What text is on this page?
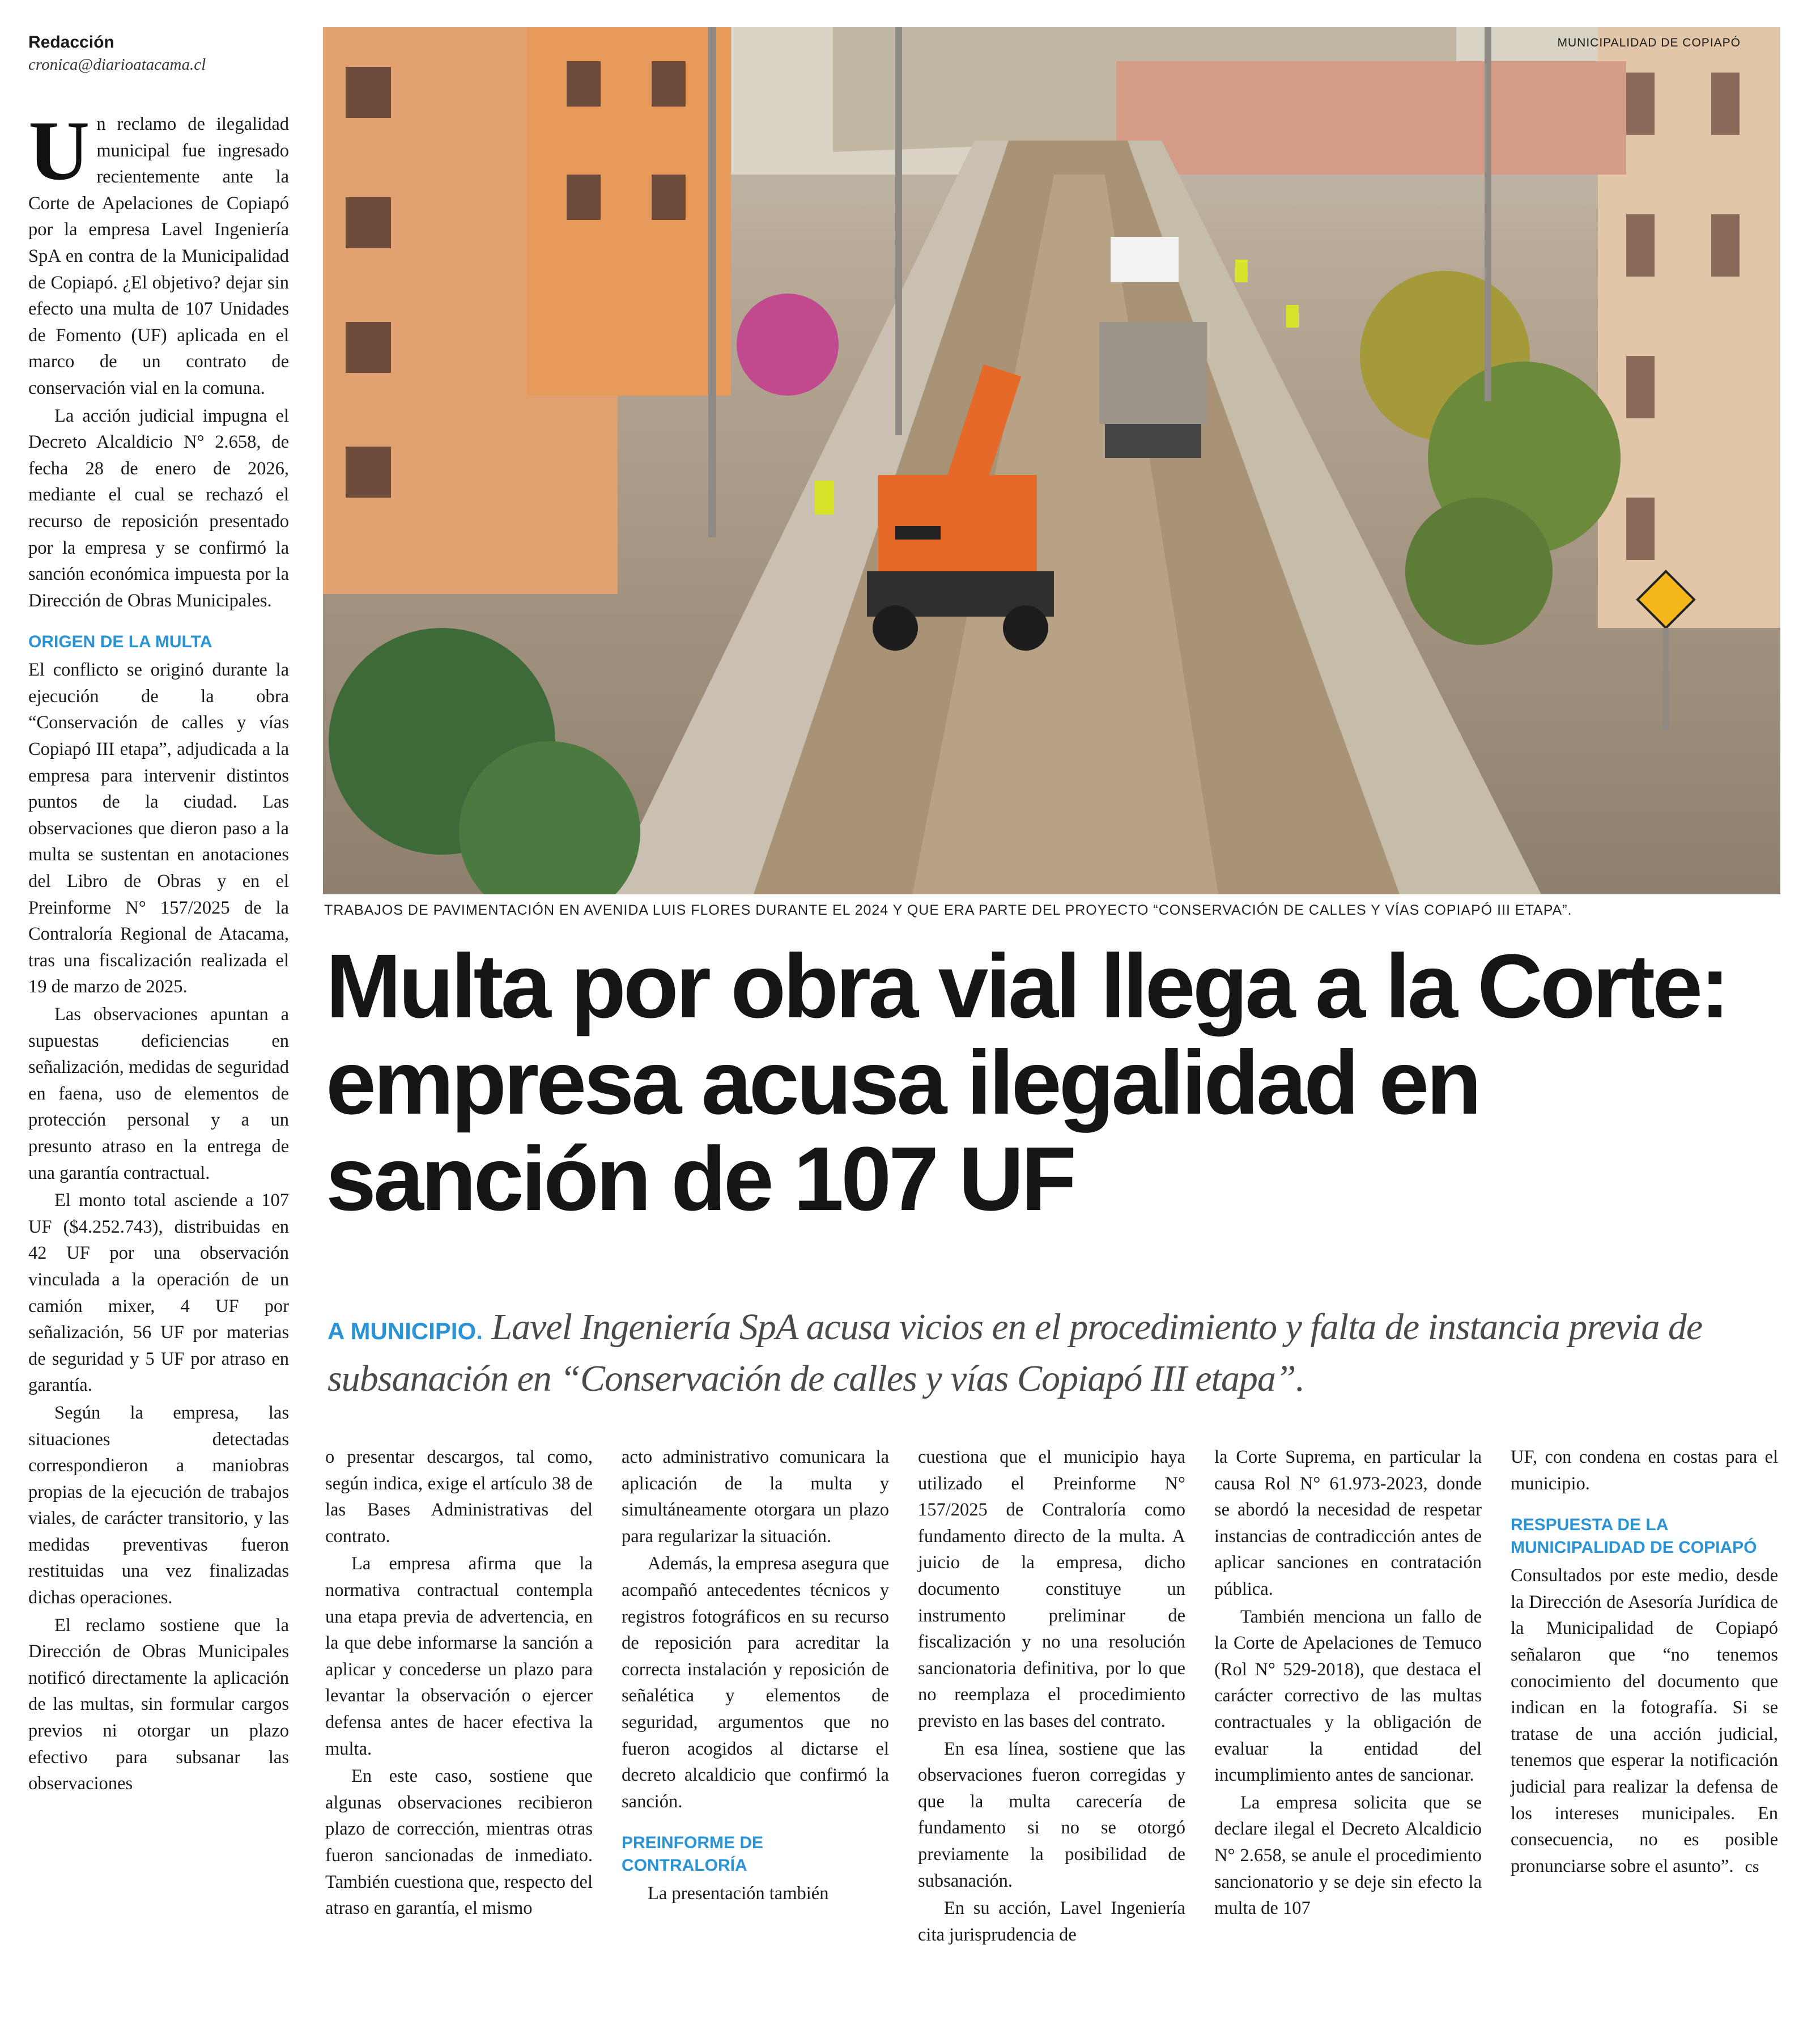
Redacción
cronica@diarioatacama.cl

Un reclamo de ilegalidad municipal fue ingresado recientemente ante la Corte de Apelaciones de Copiapó por la empresa Lavel Ingeniería SpA en contra de la Municipalidad de Copiapó. ¿El objetivo? dejar sin efecto una multa de 107 Unidades de Fomento (UF) aplicada en el marco de un contrato de conservación vial en la comuna.

La acción judicial impugna el Decreto Alcaldicio N° 2.658, de fecha 28 de enero de 2026, mediante el cual se rechazó el recurso de reposición presentado por la empresa y se confirmó la sanción económica impuesta por la Dirección de Obras Municipales.

ORIGEN DE LA MULTA

El conflicto se originó durante la ejecución de la obra “Conservación de calles y vías Copiapó III etapa”, adjudicada a la empresa para intervenir distintos puntos de la ciudad. Las observaciones que dieron paso a la multa se sustentan en anotaciones del Libro de Obras y en el Preinforme N° 157/2025 de la Contraloría Regional de Atacama, tras una fiscalización realizada el 19 de marzo de 2025.

Las observaciones apuntan a supuestas deficiencias en señalización, medidas de seguridad en faena, uso de elementos de protección personal y a un presunto atraso en la entrega de una garantía contractual.

El monto total asciende a 107 UF ($4.252.743), distribuidas en 42 UF por una observación vinculada a la operación de un camión mixer, 4 UF por señalización, 56 UF por materias de seguridad y 5 UF por atraso en garantía.

Según la empresa, las situaciones detectadas correspondieron a maniobras propias de la ejecución de trabajos viales, de carácter transitorio, y las medidas preventivas fueron restituidas una vez finalizadas dichas operaciones.

El reclamo sostiene que la Dirección de Obras Municipales notificó directamente la aplicación de las multas, sin formular cargos previos ni otorgar un plazo efectivo para subsanar las observaciones

MUNICIPALIDAD DE COPIAPÓ
TRABAJOS DE PAVIMENTACIÓN EN AVENIDA LUIS FLORES DURANTE EL 2024 Y QUE ERA PARTE DEL PROYECTO “CONSERVACIÓN DE CALLES Y VÍAS COPIAPÓ III ETAPA”.
Multa por obra vial llega a la Corte: empresa acusa ilegalidad en sanción de 107 UF
A MUNICIPIO. Lavel Ingeniería SpA acusa vicios en el procedimiento y falta de instancia previa de subsanación en “Conservación de calles y vías Copiapó III etapa”.

o presentar descargos, tal como, según indica, exige el artículo 38 de las Bases Administrativas del contrato.

La empresa afirma que la normativa contractual contempla una etapa previa de advertencia, en la que debe informarse la sanción a aplicar y concederse un plazo para levantar la observación o ejercer defensa antes de hacer efectiva la multa.

En este caso, sostiene que algunas observaciones recibieron plazo de corrección, mientras otras fueron sancionadas de inmediato. También cuestiona que, respecto del atraso en garantía, el mismo

acto administrativo comunicara la aplicación de la multa y simultáneamente otorgara un plazo para regularizar la situación.

Además, la empresa asegura que acompañó antecedentes técnicos y registros fotográficos en su recurso de reposición para acreditar la correcta instalación y reposición de señalética y elementos de seguridad, argumentos que no fueron acogidos al dictarse el decreto alcaldicio que confirmó la sanción.

PREINFORME DE CONTRALORÍA

La presentación también

cuestiona que el municipio haya utilizado el Preinforme N° 157/2025 de Contraloría como fundamento directo de la multa. A juicio de la empresa, dicho documento constituye un instrumento preliminar de fiscalización y no una resolución sancionatoria definitiva, por lo que no reemplaza el procedimiento previsto en las bases del contrato.

En esa línea, sostiene que las observaciones fueron corregidas y que la multa carecería de fundamento si no se otorgó previamente la posibilidad de subsanación.

En su acción, Lavel Ingeniería cita jurisprudencia de

la Corte Suprema, en particular la causa Rol N° 61.973-2023, donde se abordó la necesidad de respetar instancias de contradicción antes de aplicar sanciones en contratación pública.

También menciona un fallo de la Corte de Apelaciones de Temuco (Rol N° 529-2018), que destaca el carácter correctivo de las multas contractuales y la obligación de evaluar la entidad del incumplimiento antes de sancionar.

La empresa solicita que se declare ilegal el Decreto Alcaldicio N° 2.658, se anule el procedimiento sancionatorio y se deje sin efecto la multa de 107

UF, con condena en costas para el municipio.

RESPUESTA DE LA MUNICIPALIDAD DE COPIAPÓ

Consultados por este medio, desde la Dirección de Asesoría Jurídica de la Municipalidad de Copiapó señalaron que “no tenemos conocimiento del documento que indican en la fotografía. Si se tratase de una acción judicial, tenemos que esperar la notificación judicial para realizar la defensa de los intereses municipales. En consecuencia, no es posible pronunciarse sobre el asunto”. cs
